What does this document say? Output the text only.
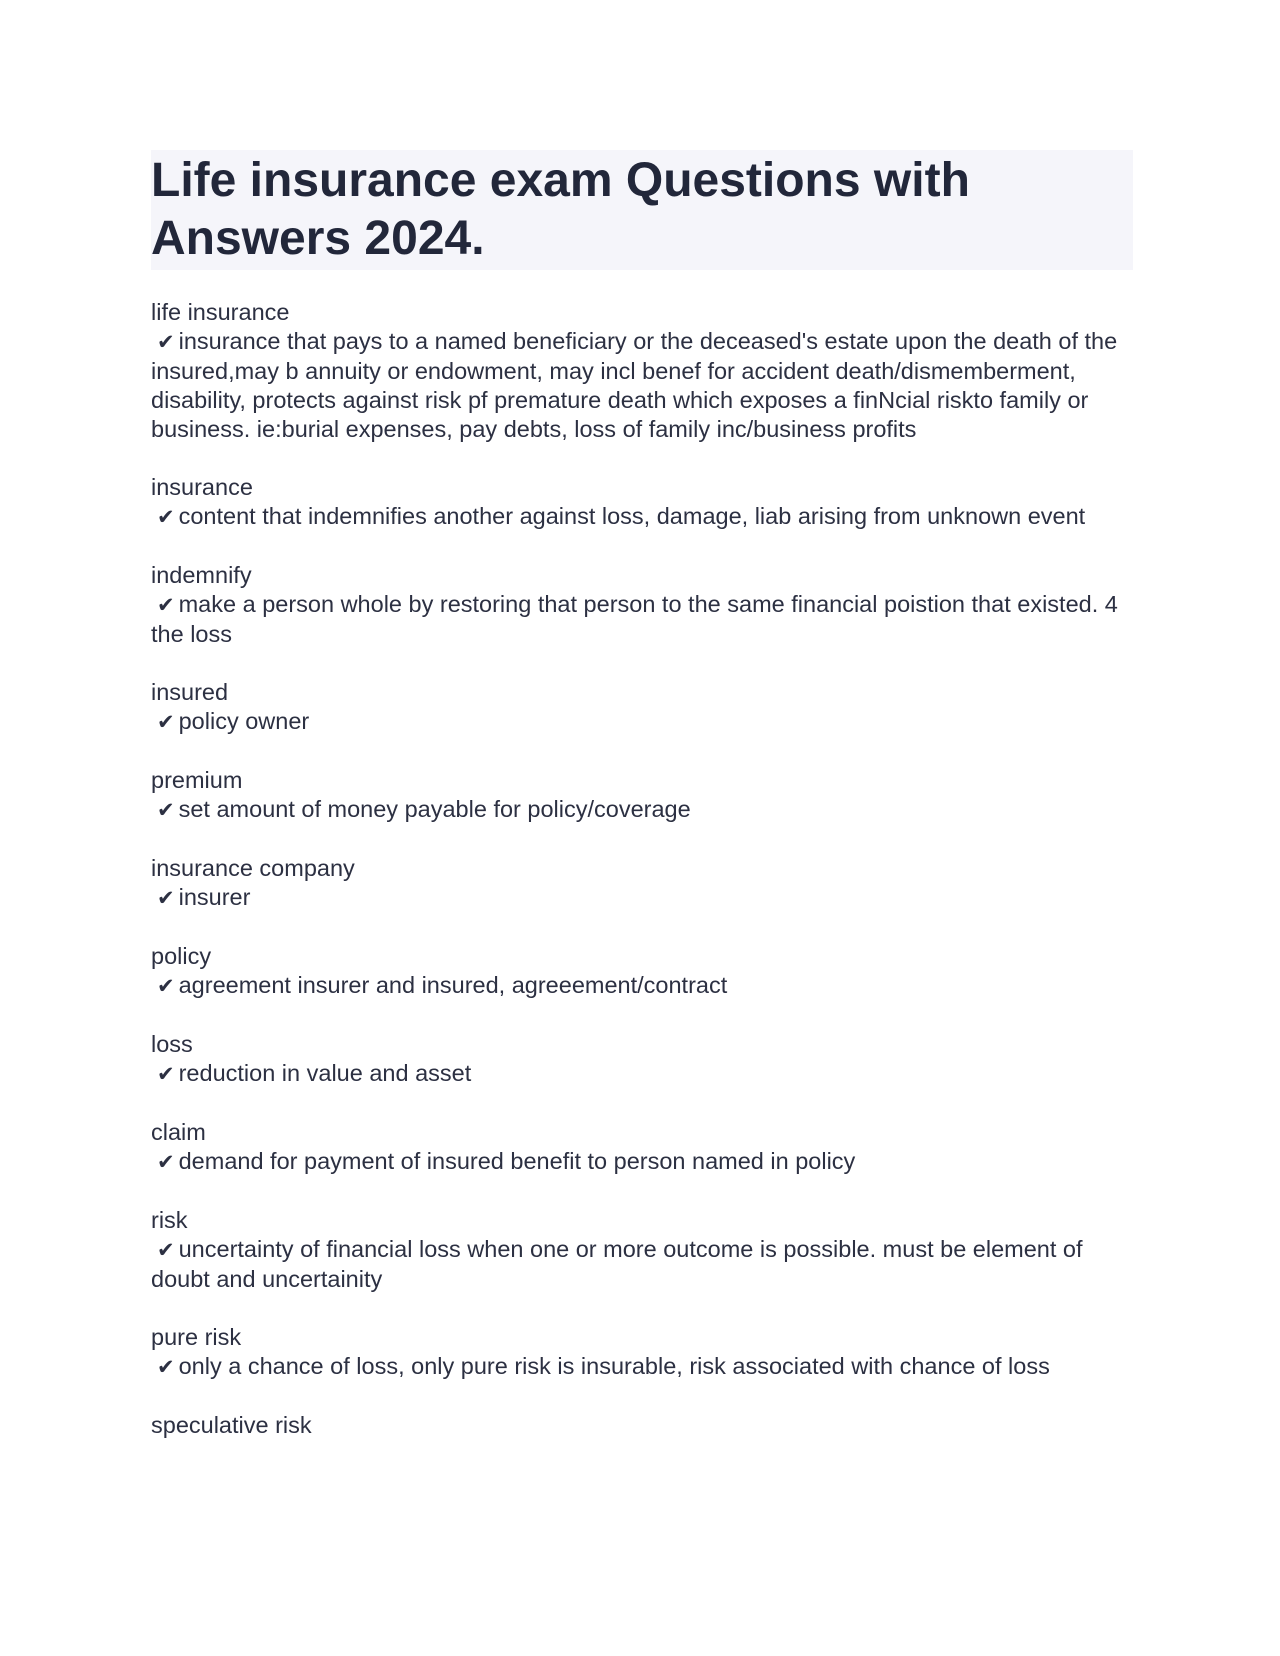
Life insurance exam Questions with Answers 2024.
life insurance
✔ insurance that pays to a named beneficiary or the deceased's estate upon the death of the insured,may b annuity or endowment, may incl benef for accident death/dismemberment, disability, protects against risk pf premature death which exposes a finNcial riskto family or business. ie:burial expenses, pay debts, loss of family inc/business profits
insurance
✔ content that indemnifies another against loss, damage, liab arising from unknown event
indemnify
✔ make a person whole by restoring that person to the same financial poistion that existed. 4 the loss
insured
✔ policy owner
premium
✔ set amount of money payable for policy/coverage
insurance company
✔ insurer
policy
✔ agreement insurer and insured, agreeement/contract
loss
✔ reduction in value and asset
claim
✔ demand for payment of insured benefit to person named in policy
risk
✔ uncertainty of financial loss when one or more outcome is possible. must be element of doubt and uncertainity
pure risk
✔ only a chance of loss, only pure risk is insurable, risk associated with chance of loss
speculative risk
